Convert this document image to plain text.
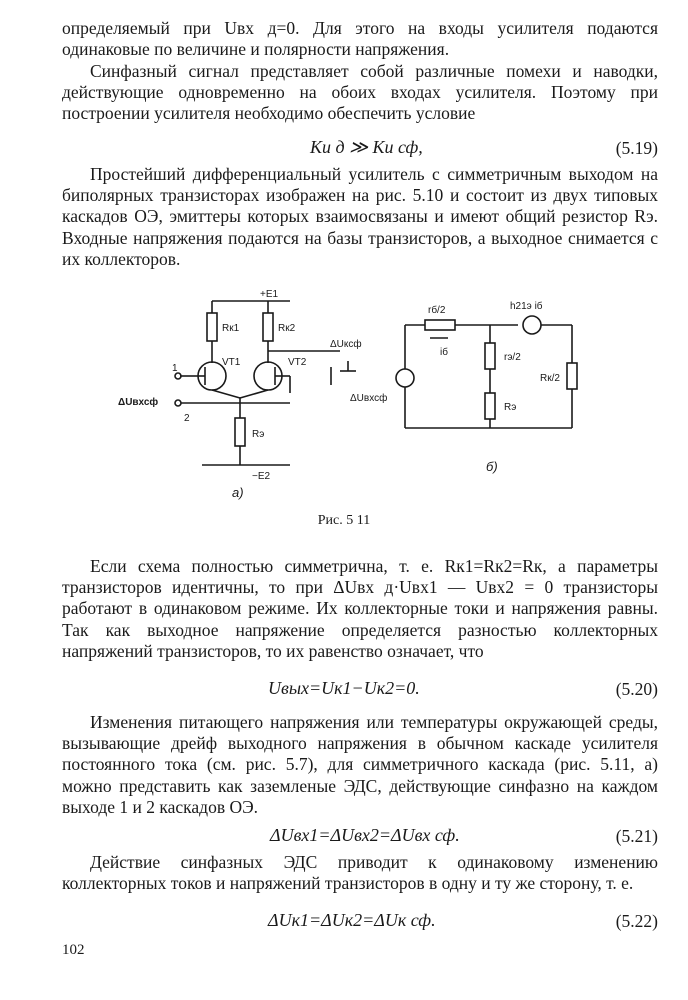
определяемый при Uвх д=0. Для этого на входы усилителя подаются одинаковые по величине и полярности напряжения.
Синфазный сигнал представляет собой различные помехи и наводки, действующие одновременно на обоих входах усилителя. Поэтому при построении усилителя необходимо обеспечить условие
Kи д ≫ Kи сф,	(5.19)
Простейший дифференциальный усилитель с симметричным выходом на биполярных транзисторах изображен на рис. 5.10 и состоит из двух типовых каскадов ОЭ, эмиттеры которых взаимосвязаны и имеют общий резистор Rэ. Входные напряжения подаются на базы транзисторов, а выходное снимается с их коллекторов.
+E1
Rк1	Rк2
VT1	VT2
ΔUксф
ΔUвхсф
1
2
Rэ
−E2
а)
rб/2
iб
h21э iб
rэ/2
Rэ
Rк/2
ΔUвхсф
б)
Рис. 5 11
Если схема полностью симметрична, т. е. Rк1=Rк2=Rк, а параметры транзисторов идентичны, то при ΔUвх д·Uвх1 — Uвх2 = 0 транзисторы работают в одинаковом режиме. Их коллекторные токи и напряжения равны. Так как выходное напряжение определяется разностью коллекторных напряжений транзисторов, то их равенство означает, что
Uвых=Uк1−Uк2=0.	(5.20)
Изменения питающего напряжения или температуры окружающей среды, вызывающие дрейф выходного напряжения в обычном каскаде усилителя постоянного тока (см. рис. 5.7), для симметричного каскада (рис. 5.11, а) можно представить как заземленые ЭДС, действующие синфазно на каждом выходе 1 и 2 каскадов ОЭ.
ΔUвх1=ΔUвх2=ΔUвх сф.	(5.21)
Действие синфазных ЭДС приводит к одинаковому изменению коллекторных токов и напряжений транзисторов в одну и ту же сторону, т. е.
ΔUк1=ΔUк2=ΔUк сф.	(5.22)
102
